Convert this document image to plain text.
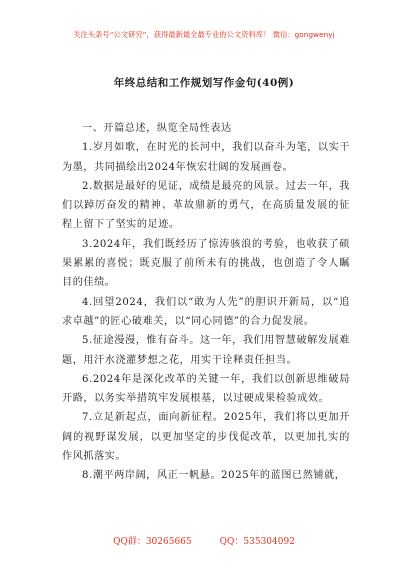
关注头条号“公文研究”，获得最新最全最专业的公文资料库！ 微信：gongwenyj
年终总结和工作规划写作金句(40例)

一、开篇总述，纵览全局性表达

1.岁月如歌，在时光的长河中，我们以奋斗为笔，以实干为墨，共同描绘出2024年恢宏壮阔的发展画卷。

2.数据是最好的见证，成绩是最亮的风景。过去一年，我们以踔厉奋发的精神、革故鼎新的勇气，在高质量发展的征程上留下了坚实的足迹。

3.2024年，我们既经历了惊涛骇浪的考验，也收获了硕果累累的喜悦；既克服了前所未有的挑战，也创造了令人瞩目的佳绩。

4.回望2024，我们以“敢为人先”的胆识开新局，以“追求卓越”的匠心破难关，以“同心同德”的合力促发展。

5.征途漫漫，惟有奋斗。这一年，我们用智慧破解发展难题，用汗水浇灌梦想之花，用实干诠释责任担当。

6.2024年是深化改革的关键一年，我们以创新思维破局开路，以务实举措筑牢发展根基，以过硬成果检验成效。

7.立足新起点，面向新征程。2025年，我们将以更加开阔的视野谋发展，以更加坚定的步伐促改革，以更加扎实的作风抓落实。

8.潮平两岸阔，风正一帆悬。2025年的蓝图已然铺就，

QQ群：30265665	QQ：535304092
